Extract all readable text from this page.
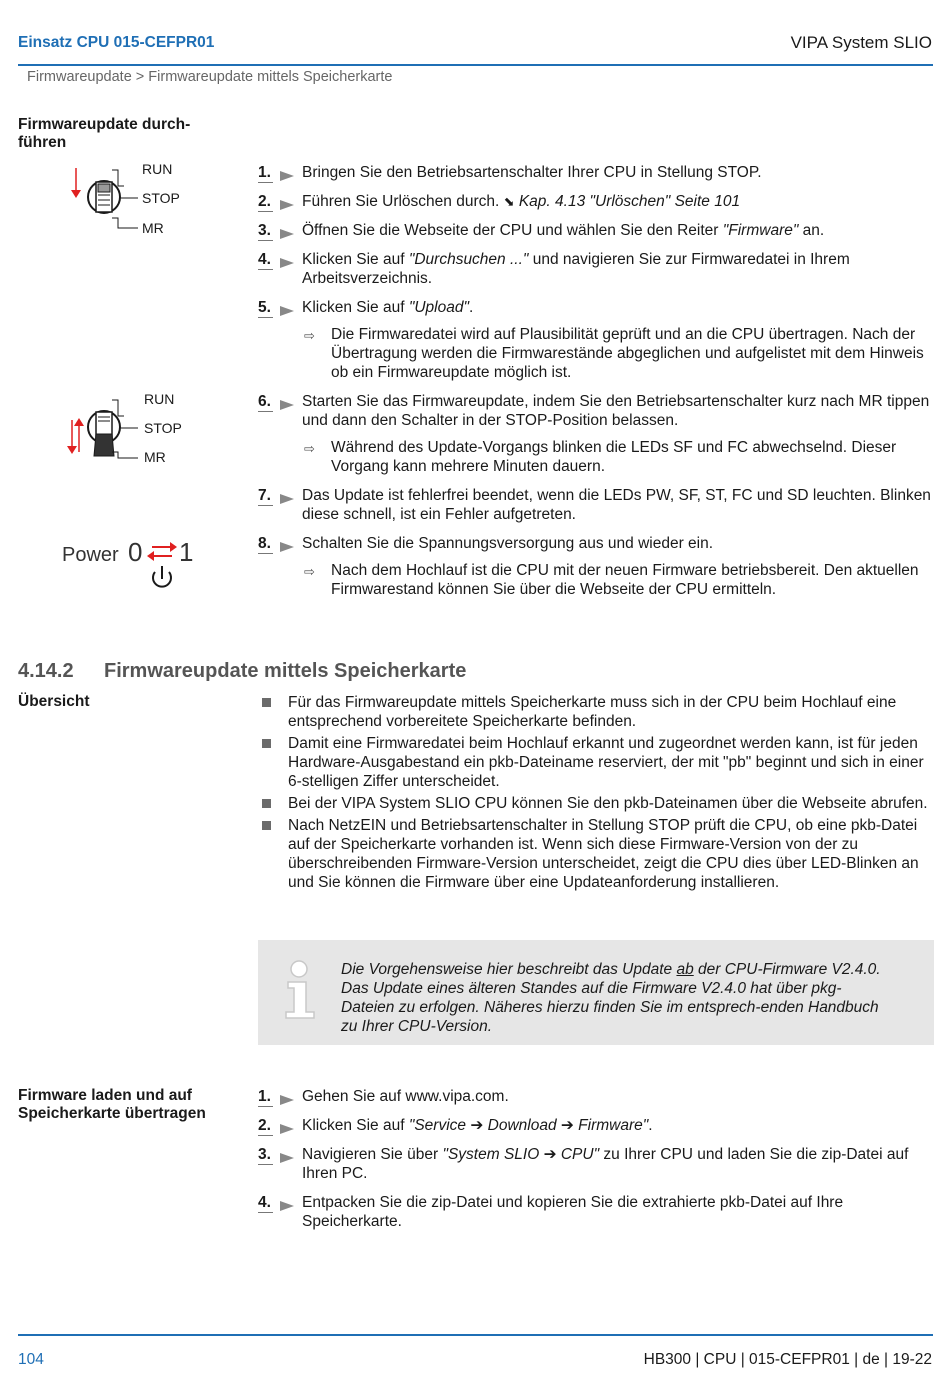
Einsatz CPU 015-CEFPR01	VIPA System SLIO
Firmwareupdate > Firmwareupdate mittels Speicherkarte
Firmwareupdate durch-
führen
RUN
STOP
MR
RUN
STOP
MR
Power 0 1
1.	Bringen Sie den Betriebsartenschalter Ihrer CPU in Stellung STOP.
2.	Führen Sie Urlöschen durch. ⬊ Kap. 4.13 "Urlöschen" Seite 101
3.	Öffnen Sie die Webseite der CPU und wählen Sie den Reiter "Firmware" an.
4.	Klicken Sie auf "Durchsuchen ..." und navigieren Sie zur Firmwaredatei in Ihrem Arbeitsverzeichnis.
5.	Klicken Sie auf "Upload".
⇨ Die Firmwaredatei wird auf Plausibilität geprüft und an die CPU übertragen. Nach der Übertragung werden die Firmwarestände abgeglichen und aufgelistet mit dem Hinweis ob ein Firmwareupdate möglich ist.
6.	Starten Sie das Firmwareupdate, indem Sie den Betriebsartenschalter kurz nach MR tippen und dann den Schalter in der STOP-Position belassen.
⇨ Während des Update-Vorgangs blinken die LEDs SF und FC abwechselnd. Dieser Vorgang kann mehrere Minuten dauern.
7.	Das Update ist fehlerfrei beendet, wenn die LEDs PW, SF, ST, FC und SD leuchten. Blinken diese schnell, ist ein Fehler aufgetreten.
8.	Schalten Sie die Spannungsversorgung aus und wieder ein.
⇨ Nach dem Hochlauf ist die CPU mit der neuen Firmware betriebsbereit. Den aktuellen Firmwarestand können Sie über die Webseite der CPU ermitteln.
4.14.2 Firmwareupdate mittels Speicherkarte
Übersicht	Für das Firmwareupdate mittels Speicherkarte muss sich in der CPU beim Hochlauf eine entsprechend vorbereitete Speicherkarte befinden.
Damit eine Firmwaredatei beim Hochlauf erkannt und zugeordnet werden kann, ist für jeden Hardware-Ausgabestand ein pkb-Dateiname reserviert, der mit "pb" beginnt und sich in einer 6-stelligen Ziffer unterscheidet.
Bei der VIPA System SLIO CPU können Sie den pkb-Dateinamen über die Webseite abrufen.
Nach NetzEIN und Betriebsartenschalter in Stellung STOP prüft die CPU, ob eine pkb-Datei auf der Speicherkarte vorhanden ist. Wenn sich diese Firmware-Version von der zu überschreibenden Firmware-Version unterscheidet, zeigt die CPU dies über LED-Blinken an und Sie können die Firmware über eine Updateanforderung installieren.
Die Vorgehensweise hier beschreibt das Update ab der CPU-Firmware V2.4.0. Das Update eines älteren Standes auf die Firmware V2.4.0 hat über pkg-Dateien zu erfolgen. Näheres hierzu finden Sie im entsprech-enden Handbuch zu Ihrer CPU-Version.
Firmware laden und auf Speicherkarte übertragen
1.	Gehen Sie auf www.vipa.com.
2.	Klicken Sie auf "Service ➔ Download ➔ Firmware".
3.	Navigieren Sie über "System SLIO ➔ CPU" zu Ihrer CPU und laden Sie die zip-Datei auf Ihren PC.
4.	Entpacken Sie die zip-Datei und kopieren Sie die extrahierte pkb-Datei auf Ihre Speicherkarte.
104	HB300 | CPU | 015-CEFPR01 | de | 19-22
